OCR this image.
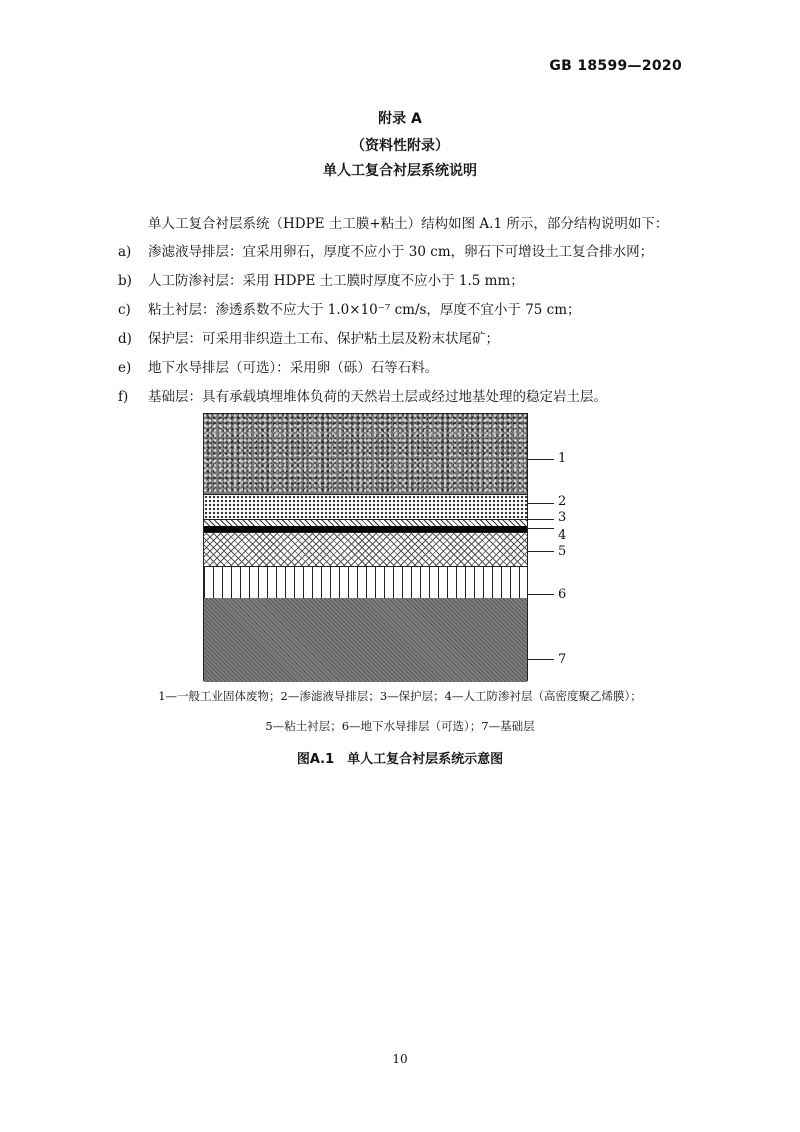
GB 18599—2020
附录 A
（资料性附录）
单人工复合衬层系统说明
单人工复合衬层系统（HDPE 土工膜+粘土）结构如图 A.1 所示，部分结构说明如下：
a) 渗滤液导排层：宜采用卵石，厚度不应小于 30 cm，卵石下可增设土工复合排水网；
b) 人工防渗衬层：采用 HDPE 土工膜时厚度不应小于 1.5 mm；
c) 粘土衬层：渗透系数不应大于 1.0×10⁻⁷ cm/s，厚度不宜小于 75 cm；
d) 保护层：可采用非织造土工布、保护粘土层及粉末状尾矿；
e) 地下水导排层（可选）：采用卵（砾）石等石料。
f) 基础层：具有承载填埋堆体负荷的天然岩土层或经过地基处理的稳定岩土层。
1
2
3
4
5
6
7
1—一般工业固体废物；2—渗滤液导排层；3—保护层；4—人工防渗衬层（高密度聚乙烯膜）；
5—粘土衬层；6—地下水导排层（可选）；7—基础层
图A.1　单人工复合衬层系统示意图
10
